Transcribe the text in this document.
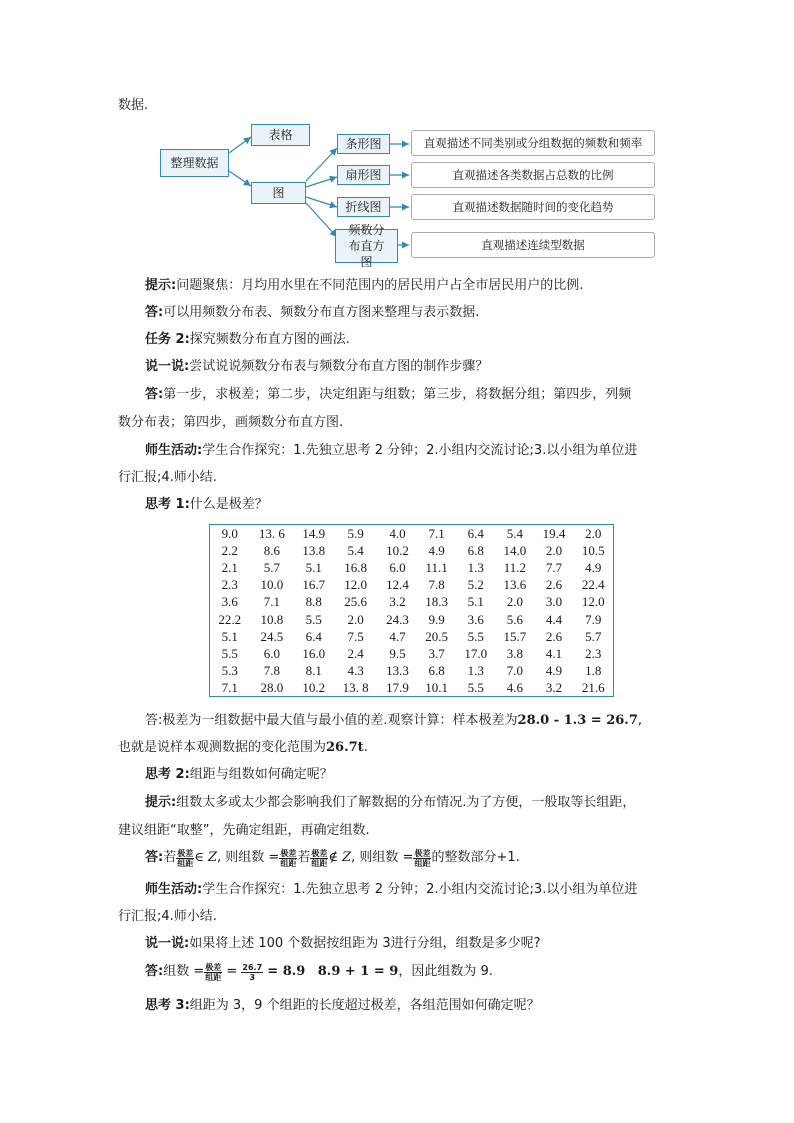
数据.
整理数据
表格
图
条形图
扇形图
折线图
频数分布直方图
直观描述不同类别或分组数据的频数和频率
直观描述各类数据占总数的比例
直观描述数据随时间的变化趋势
直观描述连续型数据
提示:问题聚焦：月均用水里在不同范围内的居民用户占全市居民用户的比例.
答:可以用频数分布表、频数分布直方图来整理与表示数据.
任务 2:探究频数分布直方图的画法.
说一说:尝试说说频数分布表与频数分布直方图的制作步骤？
答:第一步，求极差；第二步，决定组距与组数；第三步，将数据分组；第四步，列频
数分布表；第四步，画频数分布直方图.
师生活动:学生合作探究：1.先独立思考 2 分钟；2.小组内交流讨论;3.以小组为单位进
行汇报;4.师小结.
思考 1:什么是极差？
9.0	13. 6	14.9	5.9	4.0	7.1	6.4	5.4	19.4	2.0
2.2	8.6	13.8	5.4	10.2	4.9	6.8	14.0	2.0	10.5
2.1	5.7	5.1	16.8	6.0	11.1	1.3	11.2	7.7	4.9
2.3	10.0	16.7	12.0	12.4	7.8	5.2	13.6	2.6	22.4
3.6	7.1	8.8	25.6	3.2	18.3	5.1	2.0	3.0	12.0
22.2	10.8	5.5	2.0	24.3	9.9	3.6	5.6	4.4	7.9
5.1	24.5	6.4	7.5	4.7	20.5	5.5	15.7	2.6	5.7
5.5	6.0	16.0	2.4	9.5	3.7	17.0	3.8	4.1	2.3
5.3	7.8	8.1	4.3	13.3	6.8	1.3	7.0	4.9	1.8
7.1	28.0	10.2	13. 8	17.9	10.1	5.5	4.6	3.2	21.6
答:极差为一组数据中最大值与最小值的差.观察计算：样本极差为28.0 - 1.3 = 26.7,
也就是说样本观测数据的变化范围为26.7t.
思考 2:组距与组数如何确定呢？
提示:组数太多或太少都会影响我们了解数据的分布情况.为了方便，一般取等长组距，
建议组距“取整”，先确定组距，再确定组数.
答: 若 $\frac{\text{极差}}{\text{组距}}$ ∈ Z ,
则组数 = $\frac{\text{极差}}{\text{组距}}$ 若 $\frac{\text{极差}}{\text{组距}}$ ∉ Z ,
则组数 = $\frac{\text{极差}}{\text{组距}}$ 的整数部分+1.
师生活动:学生合作探究：1.先独立思考 2 分钟；2.小组内交流讨论;3.以小组为单位进
行汇报;4.师小结.
说一说:如果将上述 100 个数据按组距为 3进行分组，组数是多少呢?
答: 组数 = $\frac{\text{极差}}{\text{组距}} = \frac{26.7}{3}$
= 8.9
8.9 + 1 = 9 ，因此组数为 9.
思考 3:组距为 3，9 个组距的长度超过极差，各组范围如何确定呢？
